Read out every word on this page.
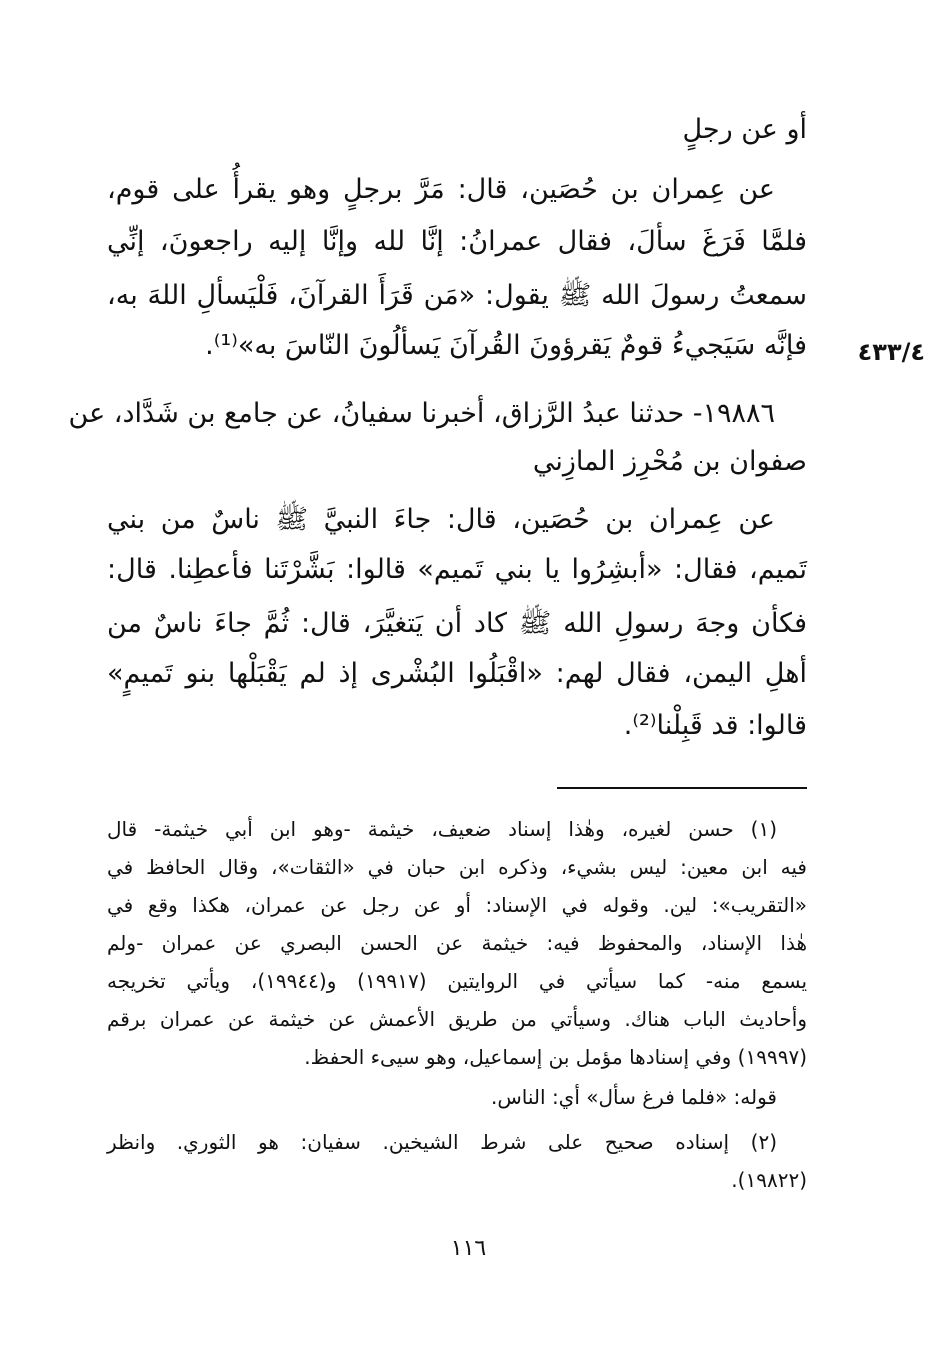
أو عن رجلٍ
عن عِمران بن حُصَين، قال: مَرَّ برجلٍ وهو يقرأُ على قوم،
فلمَّا فَرَغَ سألَ، فقال عمرانُ: إنَّا لله وإنَّا إليه راجعونَ، إنِّي
سمعتُ رسولَ الله ﷺ يقول: «مَن قَرَأَ القرآنَ، فَلْيَسألِ اللهَ به،
فإنَّه سَيَجيءُ قومٌ يَقرؤونَ القُرآنَ يَسألُونَ النّاسَ به»⁽¹⁾. ٤٣٣/٤
١٩٨٨٦- حدثنا عبدُ الرَّزاق، أخبرنا سفيانُ، عن جامع بن شَدَّاد، عن
صفوان بن مُحْرِز المازِني
عن عِمران بن حُصَين، قال: جاءَ النبيَّ ﷺ ناسٌ من بني
تَميم، فقال: «أبشِرُوا يا بني تَميم» قالوا: بَشَّرْتَنا فأعطِنا. قال:
فكأن وجهَ رسولِ الله ﷺ كاد أن يَتغيَّرَ، قال: ثُمَّ جاءَ ناسٌ من
أهلِ اليمن، فقال لهم: «اقْبَلُوا البُشْرى إذ لم يَقْبَلْها بنو تَميمٍ»
قالوا: قد قَبِلْنا⁽²⁾.
(١) حسن لغيره، وهٰذا إسناد ضعيف، خيثمة -وهو ابن أبي خيثمة- قال
فيه ابن معين: ليس بشيء، وذكره ابن حبان في «الثقات»، وقال الحافظ في
«التقريب»: لين. وقوله في الإسناد: أو عن رجل عن عمران، هكذا وقع في
هٰذا الإسناد، والمحفوظ فيه: خيثمة عن الحسن البصري عن عمران -ولم
يسمع منه- كما سيأتي في الروايتين (١٩٩١٧) و(١٩٩٤٤)، ويأتي تخريجه
وأحاديث الباب هناك. وسيأتي من طريق الأعمش عن خيثمة عن عمران برقم
(١٩٩٩٧) وفي إسنادها مؤمل بن إسماعيل، وهو سيىء الحفظ.
قوله: «فلما فرغ سأل» أي: الناس.
(٢) إسناده صحيح على شرط الشيخين. سفيان: هو الثوري. وانظر
(١٩٨٢٢).
١١٦
